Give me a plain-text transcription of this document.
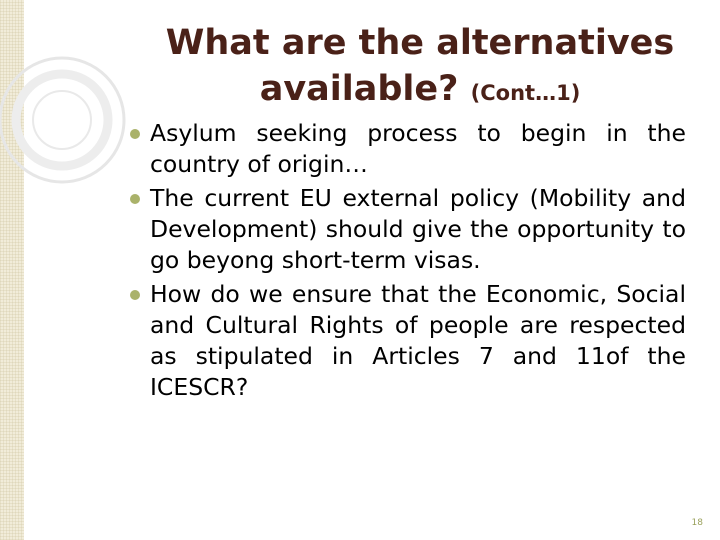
What are the alternatives
available? (Cont…1)
Asylum seeking process to begin in the country of origin…
The current EU external policy (Mobility and Development) should give the opportunity to go beyong short-term visas.
How do we ensure that the Economic, Social and Cultural Rights of people are respected as stipulated in Articles 7 and 11of the ICESCR?
18
